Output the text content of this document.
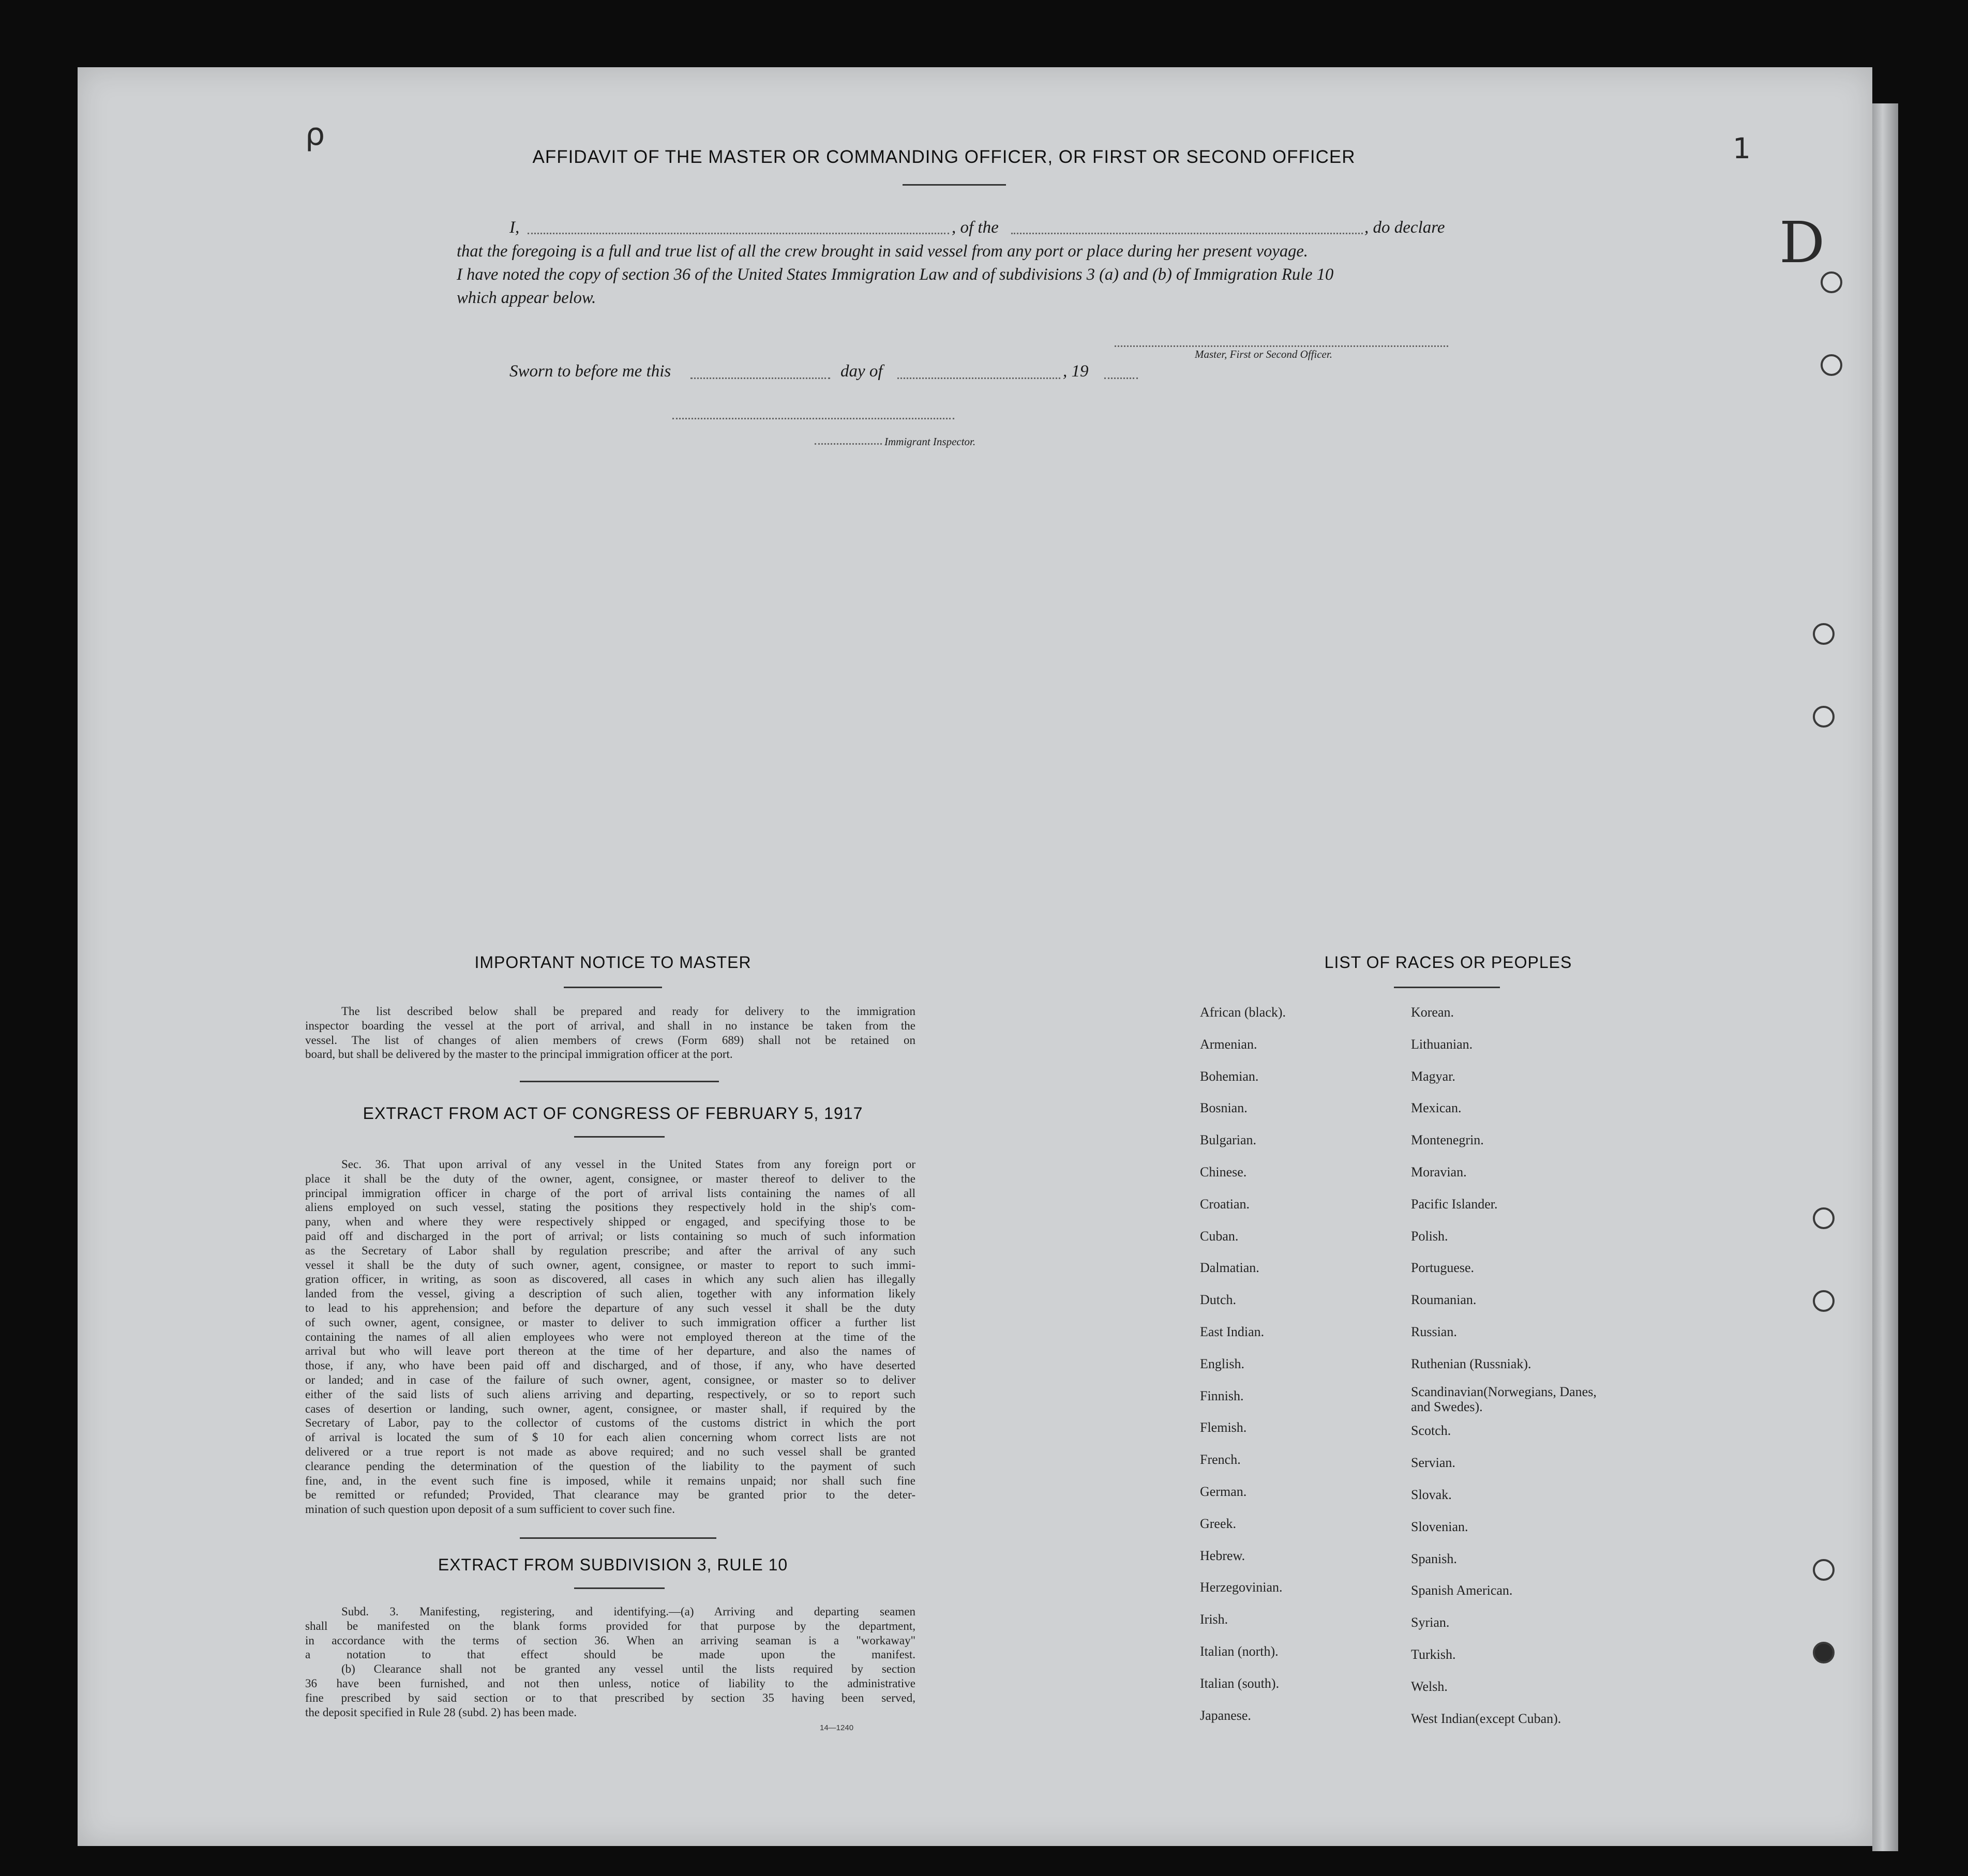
ρ	1
D
AFFIDAVIT OF THE MASTER OR COMMANDING OFFICER, OR FIRST OR SECOND OFFICER
I,	, of the	, do declare
that the foregoing is a full and true list of all the crew brought in said vessel from any port or place during her present voyage.
I have noted the copy of section 36 of the United States Immigration Law and of subdivisions 3 (a) and (b) of Immigration Rule 10
which appear below.
Master, First or Second Officer.
Sworn to before me this	day of	, 19
Immigrant Inspector.
IMPORTANT NOTICE TO MASTER
The list described below shall be prepared and ready for delivery to the immigration
inspector boarding the vessel at the port of arrival, and shall in no instance be taken from the
vessel. The list of changes of alien members of crews (Form 689) shall not be retained on
board, but shall be delivered by the master to the principal immigration officer at the port.
EXTRACT FROM ACT OF CONGRESS OF FEBRUARY 5, 1917
Sec. 36. That upon arrival of any vessel in the United States from any foreign port or
place it shall be the duty of the owner, agent, consignee, or master thereof to deliver to the
principal immigration officer in charge of the port of arrival lists containing the names of all
aliens employed on such vessel, stating the positions they respectively hold in the ship's com-
pany, when and where they were respectively shipped or engaged, and specifying those to be
paid off and discharged in the port of arrival; or lists containing so much of such information
as the Secretary of Labor shall by regulation prescribe; and after the arrival of any such
vessel it shall be the duty of such owner, agent, consignee, or master to report to such immi-
gration officer, in writing, as soon as discovered, all cases in which any such alien has illegally
landed from the vessel, giving a description of such alien, together with any information likely
to lead to his apprehension; and before the departure of any such vessel it shall be the duty
of such owner, agent, consignee, or master to deliver to such immigration officer a further list
containing the names of all alien employees who were not employed thereon at the time of the
arrival but who will leave port thereon at the time of her departure, and also the names of
those, if any, who have been paid off and discharged, and of those, if any, who have deserted
or landed; and in case of the failure of such owner, agent, consignee, or master so to deliver
either of the said lists of such aliens arriving and departing, respectively, or so to report such
cases of desertion or landing, such owner, agent, consignee, or master shall, if required by the
Secretary of Labor, pay to the collector of customs of the customs district in which the port
of arrival is located the sum of $ 10 for each alien concerning whom correct lists are not
delivered or a true report is not made as above required; and no such vessel shall be granted
clearance pending the determination of the question of the liability to the payment of such
fine, and, in the event such fine is imposed, while it remains unpaid; nor shall such fine
be remitted or refunded; Provided, That clearance may be granted prior to the deter-
mination of such question upon deposit of a sum sufficient to cover such fine.
EXTRACT FROM SUBDIVISION 3, RULE 10
Subd. 3. Manifesting, registering, and identifying.—(a) Arriving and departing seamen
shall be manifested on the blank forms provided for that purpose by the department,
in accordance with the terms of section 36. When an arriving seaman is a "workaway"
a notation to that effect should be made upon the manifest.
(b) Clearance shall not be granted any vessel until the lists required by section
36 have been furnished, and not then unless, notice of liability to the administrative
fine prescribed by said section or to that prescribed by section 35 having been served,
the deposit specified in Rule 28 (subd. 2) has been made.
14—1240
LIST OF RACES OR PEOPLES
African (black).
Armenian.
Bohemian.
Bosnian.
Bulgarian.
Chinese.
Croatian.
Cuban.
Dalmatian.
Dutch.
East Indian.
English.
Finnish.
Flemish.
French.
German.
Greek.
Hebrew.
Herzegovinian.
Irish.
Italian (north).
Italian (south).
Japanese.
Korean.
Lithuanian.
Magyar.
Mexican.
Montenegrin.
Moravian.
Pacific Islander.
Polish.
Portuguese.
Roumanian.
Russian.
Ruthenian (Russniak).
Scandinavian(Norwegians, Danes, and Swedes).
Scotch.
Servian.
Slovak.
Slovenian.
Spanish.
Spanish American.
Syrian.
Turkish.
Welsh.
West Indian(except Cuban).
